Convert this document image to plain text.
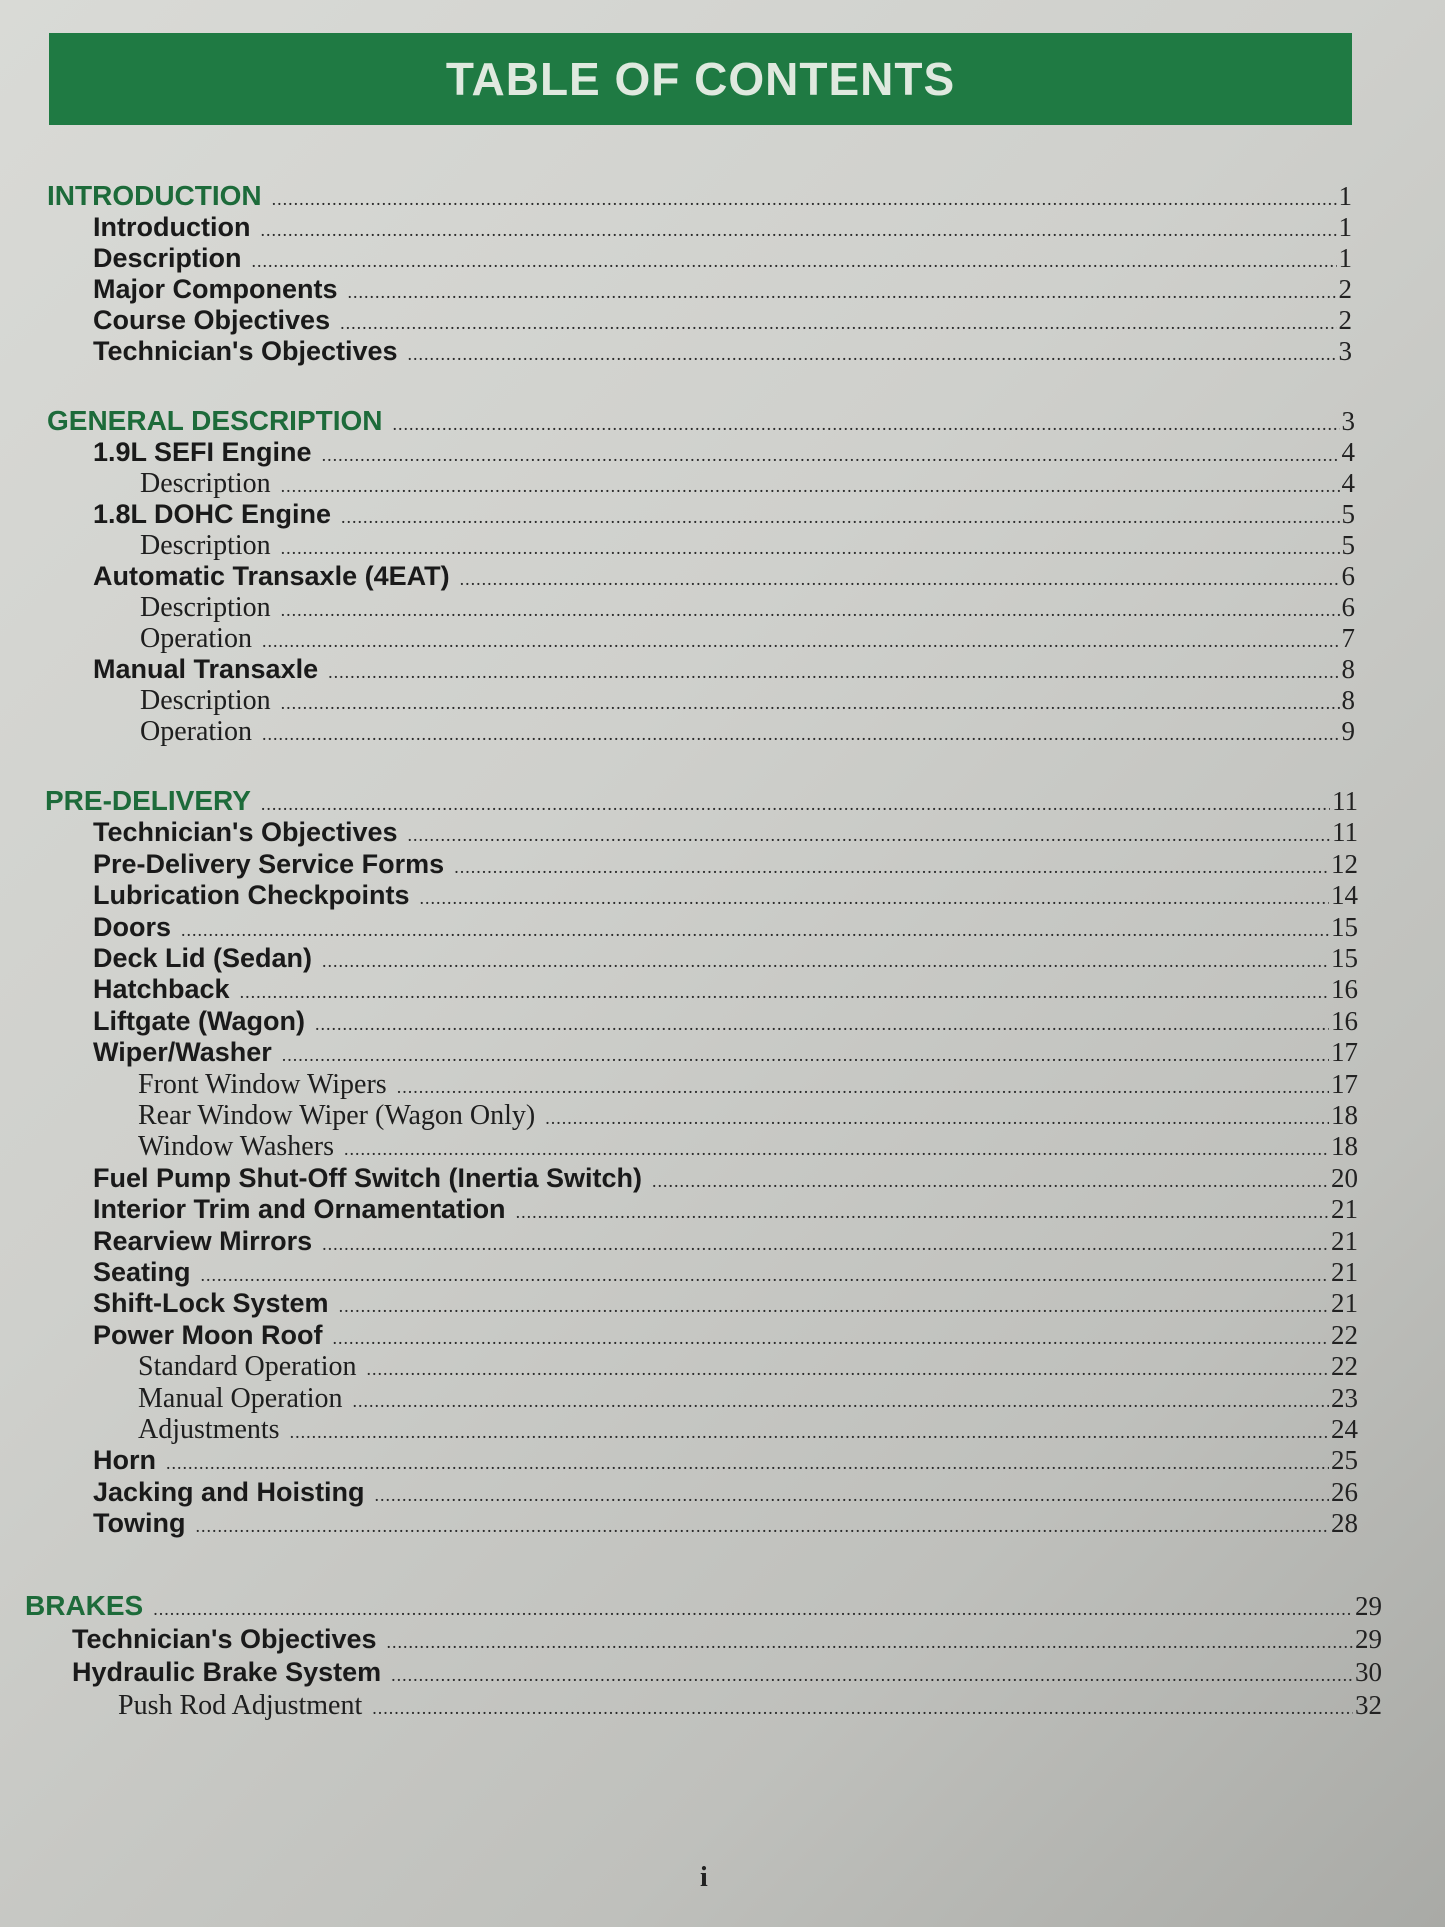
TABLE OF CONTENTS
INTRODUCTION .....	1
Introduction .....	1
Description .....	1
Major Components .....	2
Course Objectives .....	2
Technician's Objectives .....	3
GENERAL DESCRIPTION .....	3
1.9L SEFI Engine .....	4
Description .....	4
1.8L DOHC Engine .....	5
Description .....	5
Automatic Transaxle (4EAT) .....	6
Description .....	6
Operation .....	7
Manual Transaxle .....	8
Description .....	8
Operation .....	9
PRE-DELIVERY .....	11
Technician's Objectives .....	11
Pre-Delivery Service Forms .....	12
Lubrication Checkpoints .....	14
Doors .....	15
Deck Lid (Sedan) .....	15
Hatchback .....	16
Liftgate (Wagon) .....	16
Wiper/Washer .....	17
Front Window Wipers .....	17
Rear Window Wiper (Wagon Only) .....	18
Window Washers .....	18
Fuel Pump Shut-Off Switch (Inertia Switch) .....	20
Interior Trim and Ornamentation .....	21
Rearview Mirrors .....	21
Seating .....	21
Shift-Lock System .....	21
Power Moon Roof .....	22
Standard Operation .....	22
Manual Operation .....	23
Adjustments .....	24
Horn .....	25
Jacking and Hoisting .....	26
Towing .....	28
BRAKES .....	29
Technician's Objectives .....	29
Hydraulic Brake System .....	30
Push Rod Adjustment .....	32
i
